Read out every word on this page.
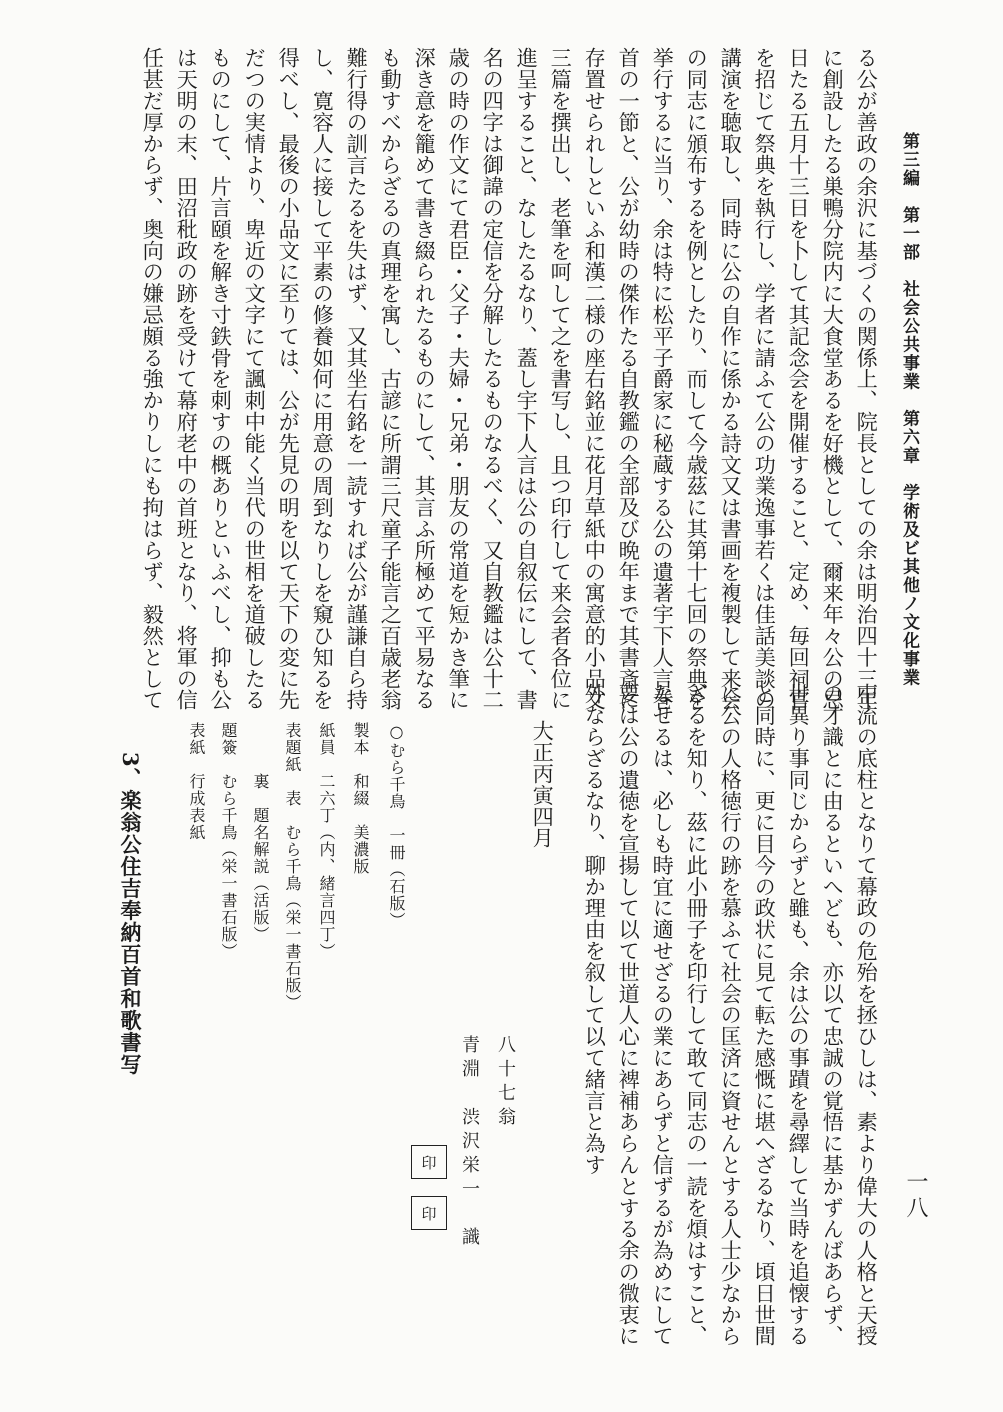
第三編　第一部　社会公共事業　第六章　学術及ビ其他ノ文化事業
一八
中流の底柱となりて幕政の危殆を拯ひしは、素より偉大の人格と天授
の才識とに由るといへども、亦以て忠誠の覚悟に基かずんばあらず、
世異り事同じからずと雖も、余は公の事蹟を尋繹して当時を追懐する
と同時に、更に目今の政状に見て転た感慨に堪へざるなり、頃日世間
に公の人格徳行の跡を慕ふて社会の匡済に資せんとする人士少なから
ざるを知り、茲に此小冊子を印行して敢て同志の一読を煩はすこと、
なせるは、必しも時宜に適せざるの業にあらずと信ずるが為めにして
要は公の遺徳を宣揚して以て世道人心に裨補あらんとする余の微衷に
外ならざるなり、聊か理由を叙して以て緒言と為す
大正丙寅四月
八十七翁
青淵　渋沢栄一　識
印
印
○むら千鳥　一冊（石版）
製本　和綴　美濃版
紙員　二六丁（内、緒言四丁）
表題紙　表　むら千鳥（栄一書石版）
　　　裏　題名解説（活版）
題簽　むら千鳥（栄一書石版）
表紙　行成表紙
3、楽翁公住吉奉納百首和歌書写
る公が善政の余沢に基づくの関係上、院長としての余は明治四十三年
に創設したる巣鴨分院内に大食堂あるを好機として、爾来年々公の忌
日たる五月十三日を卜して其記念会を開催すること、定め、毎回祠官
を招じて祭典を執行し、学者に請ふて公の功業逸事若くは佳話美談の
講演を聴取し、同時に公の自作に係かる詩文又は書画を複製して来会
の同志に頒布するを例としたり、而して今歳茲に其第十七回の祭典を
挙行するに当り、余は特に松平子爵家に秘蔵する公の遺著宇下人言巻
首の一節と、公が幼時の傑作たる自教鑑の全部及び晩年まで其書斎に
存置せられしといふ和漢二様の座右銘並に花月草紙中の寓意的小品文
三篇を撰出し、老筆を呵して之を書写し、且つ印行して来会者各位に
進呈すること、なしたるなり、蓋し宇下人言は公の自叙伝にして、書
名の四字は御諱の定信を分解したるものなるべく、又自教鑑は公十二
歳の時の作文にて君臣・父子・夫婦・兄弟・朋友の常道を短かき筆に
深き意を籠めて書き綴られたるものにして、其言ふ所極めて平易なる
も動すべからざるの真理を寓し、古諺に所謂三尺童子能言之百歳老翁
難行得の訓言たるを失はず、又其坐右銘を一読すれば公が謹謙自ら持
し、寛容人に接して平素の修養如何に用意の周到なりしを窺ひ知るを
得べし、最後の小品文に至りては、公が先見の明を以て天下の変に先
だつの実情より、卑近の文字にて諷刺中能く当代の世相を道破したる
ものにして、片言頤を解き寸鉄骨を刺すの概ありといふべし、抑も公
は天明の末、田沼秕政の跡を受けて幕府老中の首班となり、将軍の信
任甚だ厚からず、奥向の嫌忌頗る強かりしにも拘はらず、毅然として
